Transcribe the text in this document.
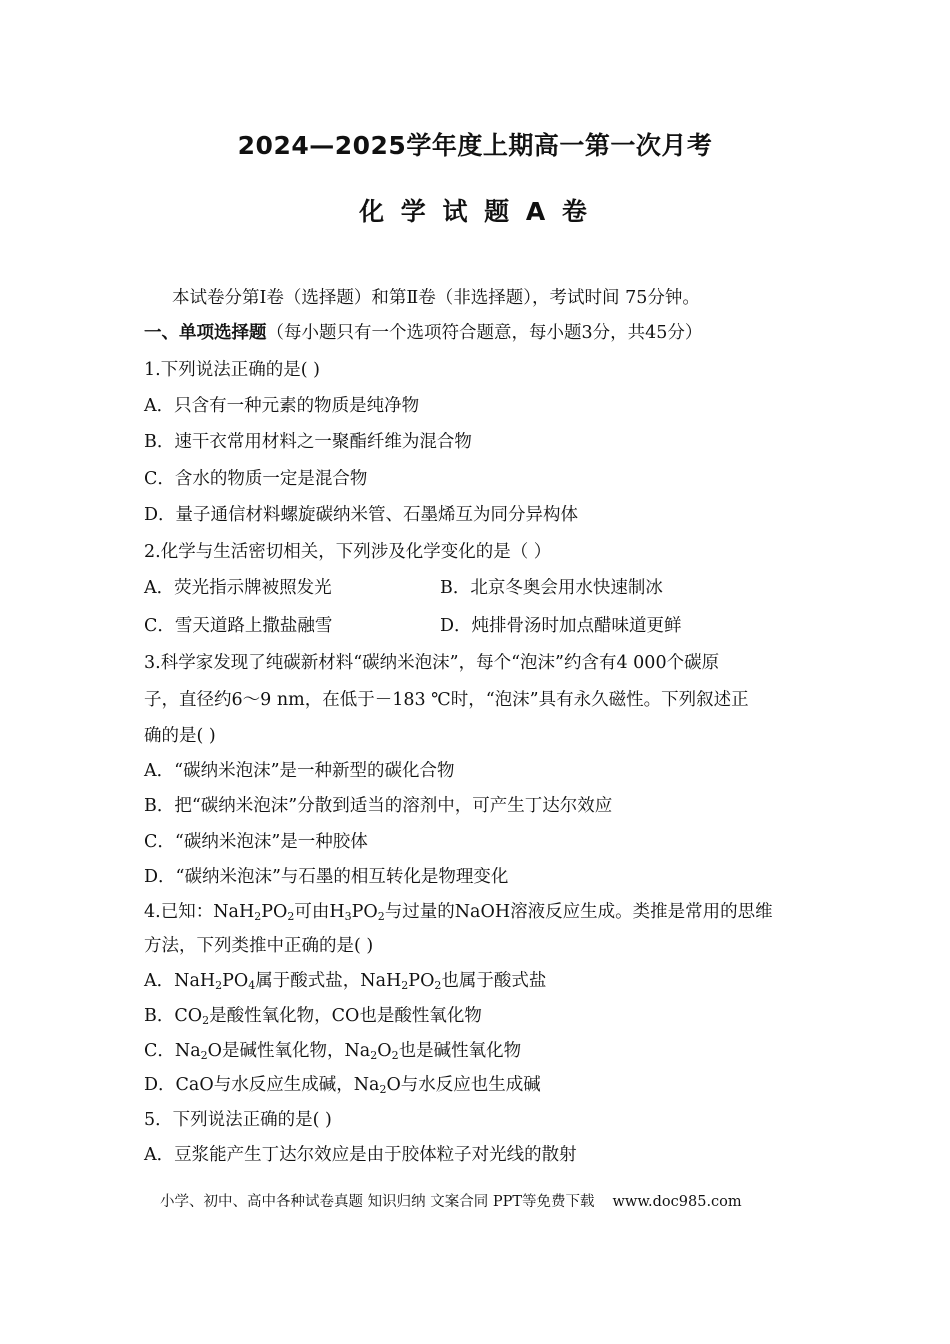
2024—2025学年度上期高一第一次月考
化 学 试 题 A 卷
本试卷分第Ⅰ卷（选择题）和第Ⅱ卷（非选择题），考试时间 75分钟。
一、单项选择题（每小题只有一个选项符合题意，每小题3分，共45分）
1.下列说法正确的是( )
A．只含有一种元素的物质是纯净物
B．速干衣常用材料之一聚酯纤维为混合物
C．含水的物质一定是混合物
D．量子通信材料螺旋碳纳米管、石墨烯互为同分异构体
2.化学与生活密切相关，下列涉及化学变化的是（ ）
A．荧光指示牌被照发光	B．北京冬奥会用水快速制冰
C．雪天道路上撒盐融雪	D．炖排骨汤时加点醋味道更鲜
3.科学家发现了纯碳新材料“碳纳米泡沫”，每个“泡沫”约含有4 000个碳原
子，直径约6～9 nm，在低于－183 ℃时，“泡沫”具有永久磁性。下列叙述正
确的是( )
A．“碳纳米泡沫”是一种新型的碳化合物
B．把“碳纳米泡沫”分散到适当的溶剂中，可产生丁达尔效应
C．“碳纳米泡沫”是一种胶体
D．“碳纳米泡沫”与石墨的相互转化是物理变化
4.已知：$NaH_2PO_2$可由$H_3PO_2$与过量的NaOH溶液反应生成。类推是常用的思维
方法，下列类推中正确的是( )
A．$NaH_2PO_4$属于酸式盐，$NaH_2PO_2$也属于酸式盐
B．$CO_2$是酸性氧化物，CO也是酸性氧化物
C．$Na_2O$是碱性氧化物，$Na_2O_2$也是碱性氧化物
D．CaO与水反应生成碱，$Na_2O$与水反应也生成碱
5．下列说法正确的是( )
A．豆浆能产生丁达尔效应是由于胶体粒子对光线的散射
小学、初中、高中各种试卷真题 知识归纳 文案合同 PPT等免费下载 www.doc985.com
